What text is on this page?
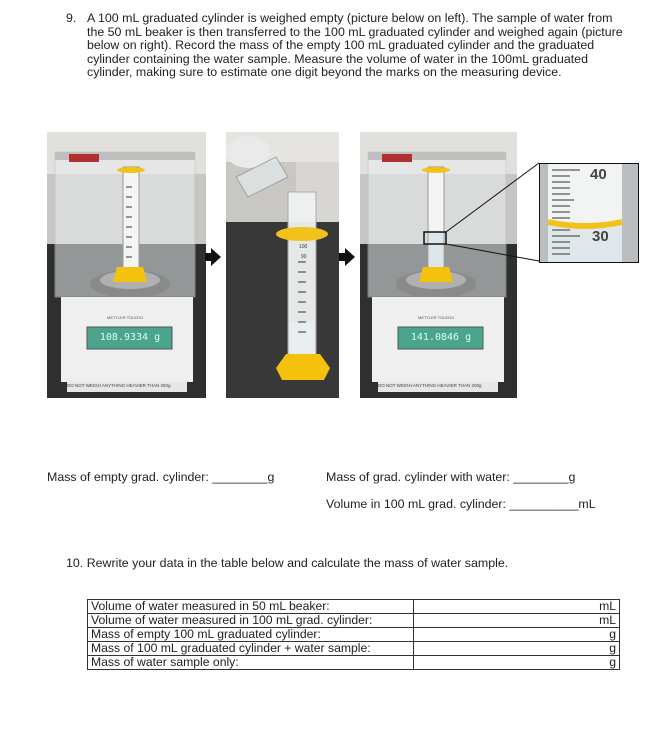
9. A 100 mL graduated cylinder is weighed empty (picture below on left). The sample of water from the 50 mL beaker is then transferred to the 100 mL graduated cylinder and weighed again (picture below on right). Record the mass of the empty 100 mL graduated cylinder and the graduated cylinder containing the water sample. Measure the volume of water in the 100mL graduated cylinder, making sure to estimate one digit beyond the marks on the measuring device.
METTLER TOLEDO
108.9334 g
DO NOT WEIGH ANYTHING HEAVIER THAN 250g
100
90
METTLER TOLEDO
141.0846 g
DO NOT WEIGH ANYTHING HEAVIER THAN 200g
40
30
Mass of empty grad. cylinder: ________g	Mass of grad. cylinder with water: ________g
Volume in 100 mL grad. cylinder: __________mL
10. Rewrite your data in the table below and calculate the mass of water sample.
Volume of water measured in 50 mL beaker:	mL
Volume of water measured in 100 mL grad. cylinder:	mL
Mass of empty 100 mL graduated cylinder:	g
Mass of 100 mL graduated cylinder + water sample:	g
Mass of water sample only:	g
